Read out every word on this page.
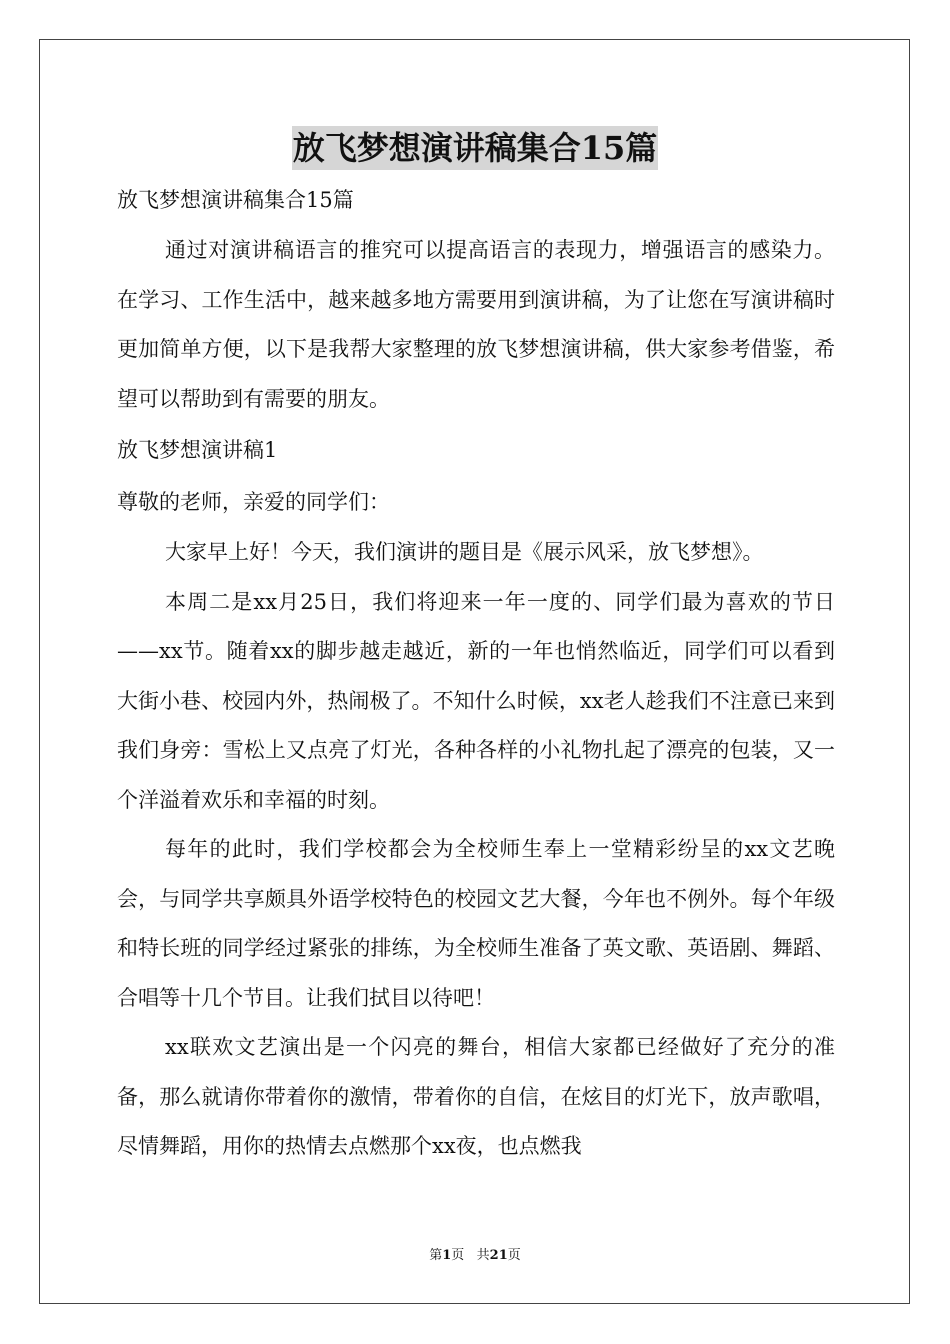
放飞梦想演讲稿集合15篇
放飞梦想演讲稿集合15篇
通过对演讲稿语言的推究可以提高语言的表现力，增强语言的感染力。在学习、工作生活中，越来越多地方需要用到演讲稿，为了让您在写演讲稿时更加简单方便，以下是我帮大家整理的放飞梦想演讲稿，供大家参考借鉴，希望可以帮助到有需要的朋友。
放飞梦想演讲稿1
尊敬的老师，亲爱的同学们：
大家早上好！今天，我们演讲的题目是《展示风采，放飞梦想》。
本周二是xx月25日，我们将迎来一年一度的、同学们最为喜欢的节日——xx节。随着xx的脚步越走越近，新的一年也悄然临近，同学们可以看到大街小巷、校园内外，热闹极了。不知什么时候，xx老人趁我们不注意已来到我们身旁：雪松上又点亮了灯光，各种各样的小礼物扎起了漂亮的包装，又一个洋溢着欢乐和幸福的时刻。
每年的此时，我们学校都会为全校师生奉上一堂精彩纷呈的xx文艺晚会，与同学共享颇具外语学校特色的校园文艺大餐，今年也不例外。每个年级和特长班的同学经过紧张的排练，为全校师生准备了英文歌、英语剧、舞蹈、合唱等十几个节目。让我们拭目以待吧！
xx联欢文艺演出是一个闪亮的舞台，相信大家都已经做好了充分的准备，那么就请你带着你的激情，带着你的自信，在炫目的灯光下，放声歌唱，尽情舞蹈，用你的热情去点燃那个xx夜，也点燃我
第1页   共21页
